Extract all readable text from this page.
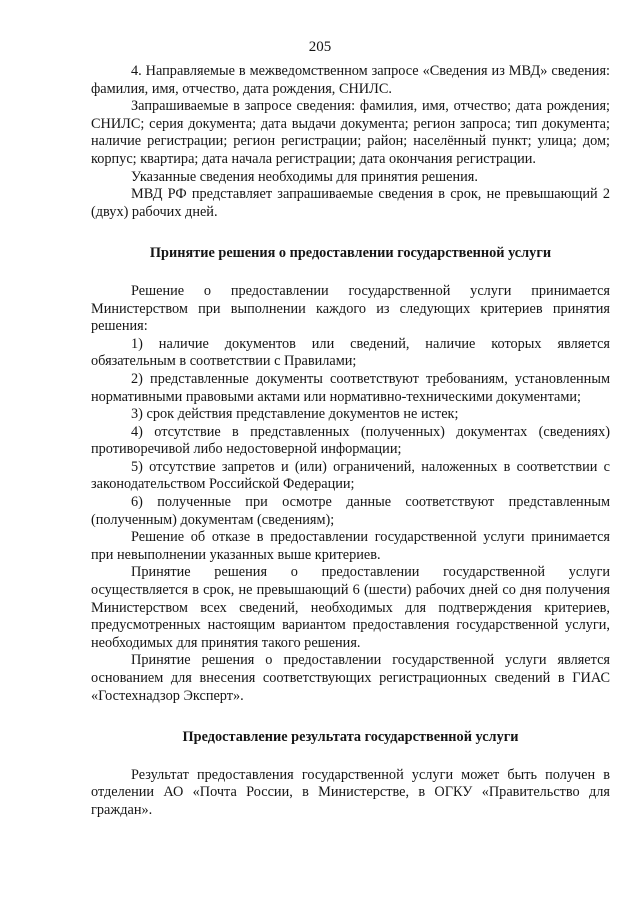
205

4. Направляемые в межведомственном запросе «Сведения из МВД» сведения: фамилия, имя, отчество, дата рождения, СНИЛС.

Запрашиваемые в запросе сведения: фамилия, имя, отчество; дата рождения; СНИЛС; серия документа; дата выдачи документа; регион запроса; тип документа; наличие регистрации; регион регистрации; район; населённый пункт; улица; дом; корпус; квартира; дата начала регистрации; дата окончания регистрации.

Указанные сведения необходимы для принятия решения.

МВД РФ представляет запрашиваемые сведения в срок, не превышающий 2 (двух) рабочих дней.

Принятие решения о предоставлении государственной услуги

Решение о предоставлении государственной услуги принимается Министерством при выполнении каждого из следующих критериев принятия решения:

1) наличие документов или сведений, наличие которых является обязательным в соответствии с Правилами;

2) представленные документы соответствуют требованиям, установленным нормативными правовыми актами или нормативно-техническими документами;

3) срок действия представление документов не истек;

4) отсутствие в представленных (полученных) документах (сведениях) противоречивой либо недостоверной информации;

5) отсутствие запретов и (или) ограничений, наложенных в соответствии с законодательством Российской Федерации;

6) полученные при осмотре данные соответствуют представленным (полученным) документам (сведениям);

Решение об отказе в предоставлении государственной услуги принимается при невыполнении указанных выше критериев.

Принятие решения о предоставлении государственной услуги осуществляется в срок, не превышающий 6 (шести) рабочих дней со дня получения Министерством всех сведений, необходимых для подтверждения критериев, предусмотренных настоящим вариантом предоставления государственной услуги, необходимых для принятия такого решения.

Принятие решения о предоставлении государственной услуги является основанием для внесения соответствующих регистрационных сведений в ГИАС «Гостехнадзор Эксперт».

Предоставление результата государственной услуги

Результат предоставления государственной услуги может быть получен в отделении АО «Почта России, в Министерстве, в ОГКУ «Правительство для граждан».
